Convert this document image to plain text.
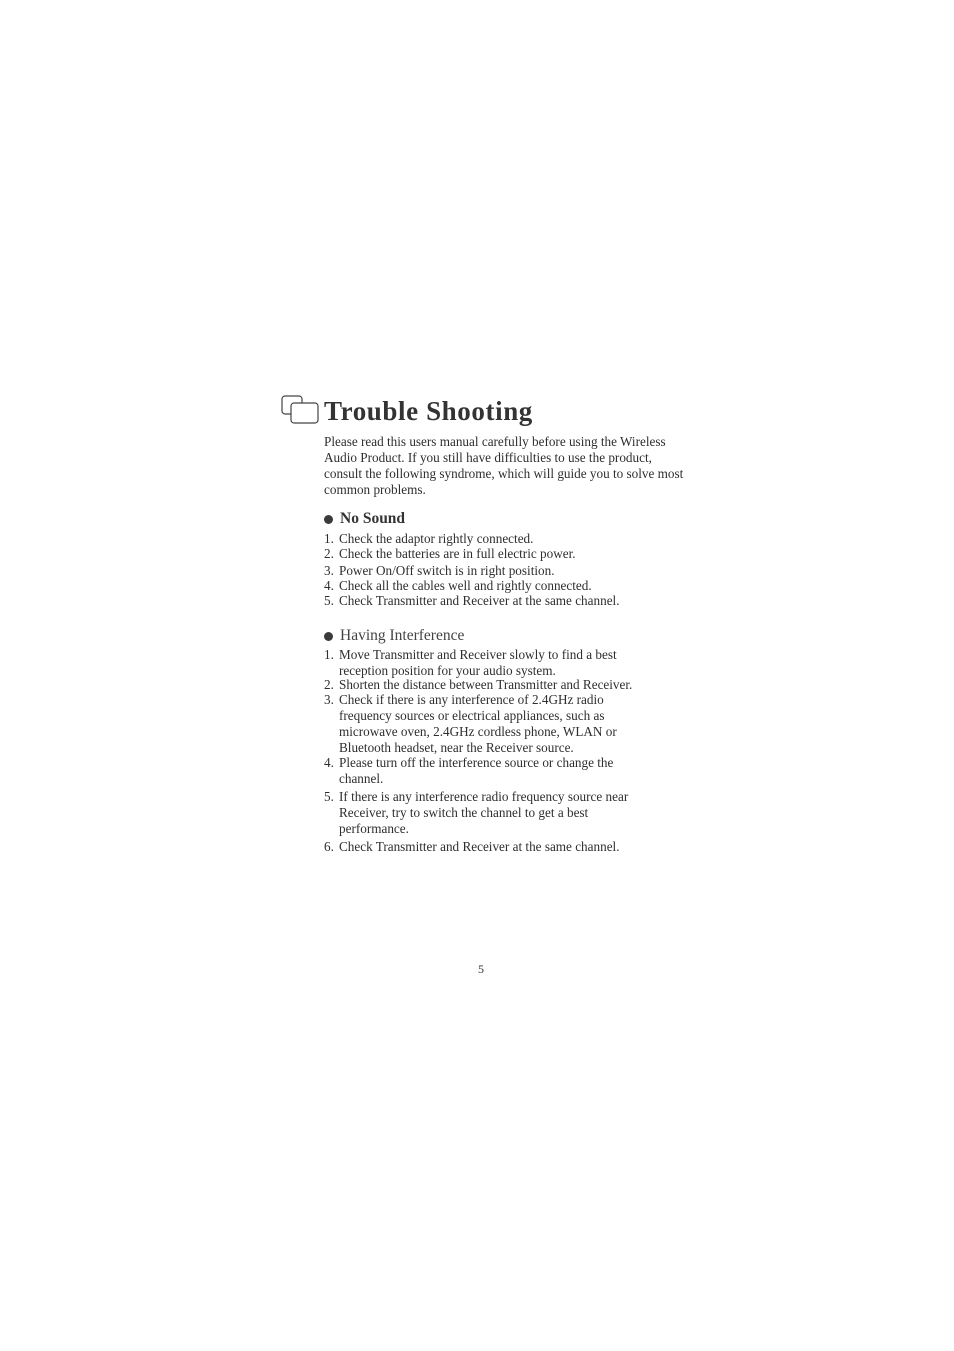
Trouble Shooting

Please read this users manual carefully before using the Wireless Audio Product. If you still have difficulties to use the product, consult the following syndrome, which will guide you to solve most common problems.

No Sound
1. Check the adaptor rightly connected.
2. Check the batteries are in full electric power.
3. Power On/Off switch is in right position.
4. Check all the cables well and rightly connected.
5. Check Transmitter and Receiver at the same channel.
Having Interference
1. Move Transmitter and Receiver slowly to find a best
reception position for your audio system.
2. Shorten the distance between Transmitter and Receiver.
3. Check if there is any interference of 2.4GHz radio
frequency sources or electrical appliances, such as
microwave oven, 2.4GHz cordless phone, WLAN or
Bluetooth headset, near the Receiver source.
4. Please turn off the interference source or change the
channel.
5. If there is any interference radio frequency source near
Receiver, try to switch the channel to get a best
performance.
6. Check Transmitter and Receiver at the same channel.
5
